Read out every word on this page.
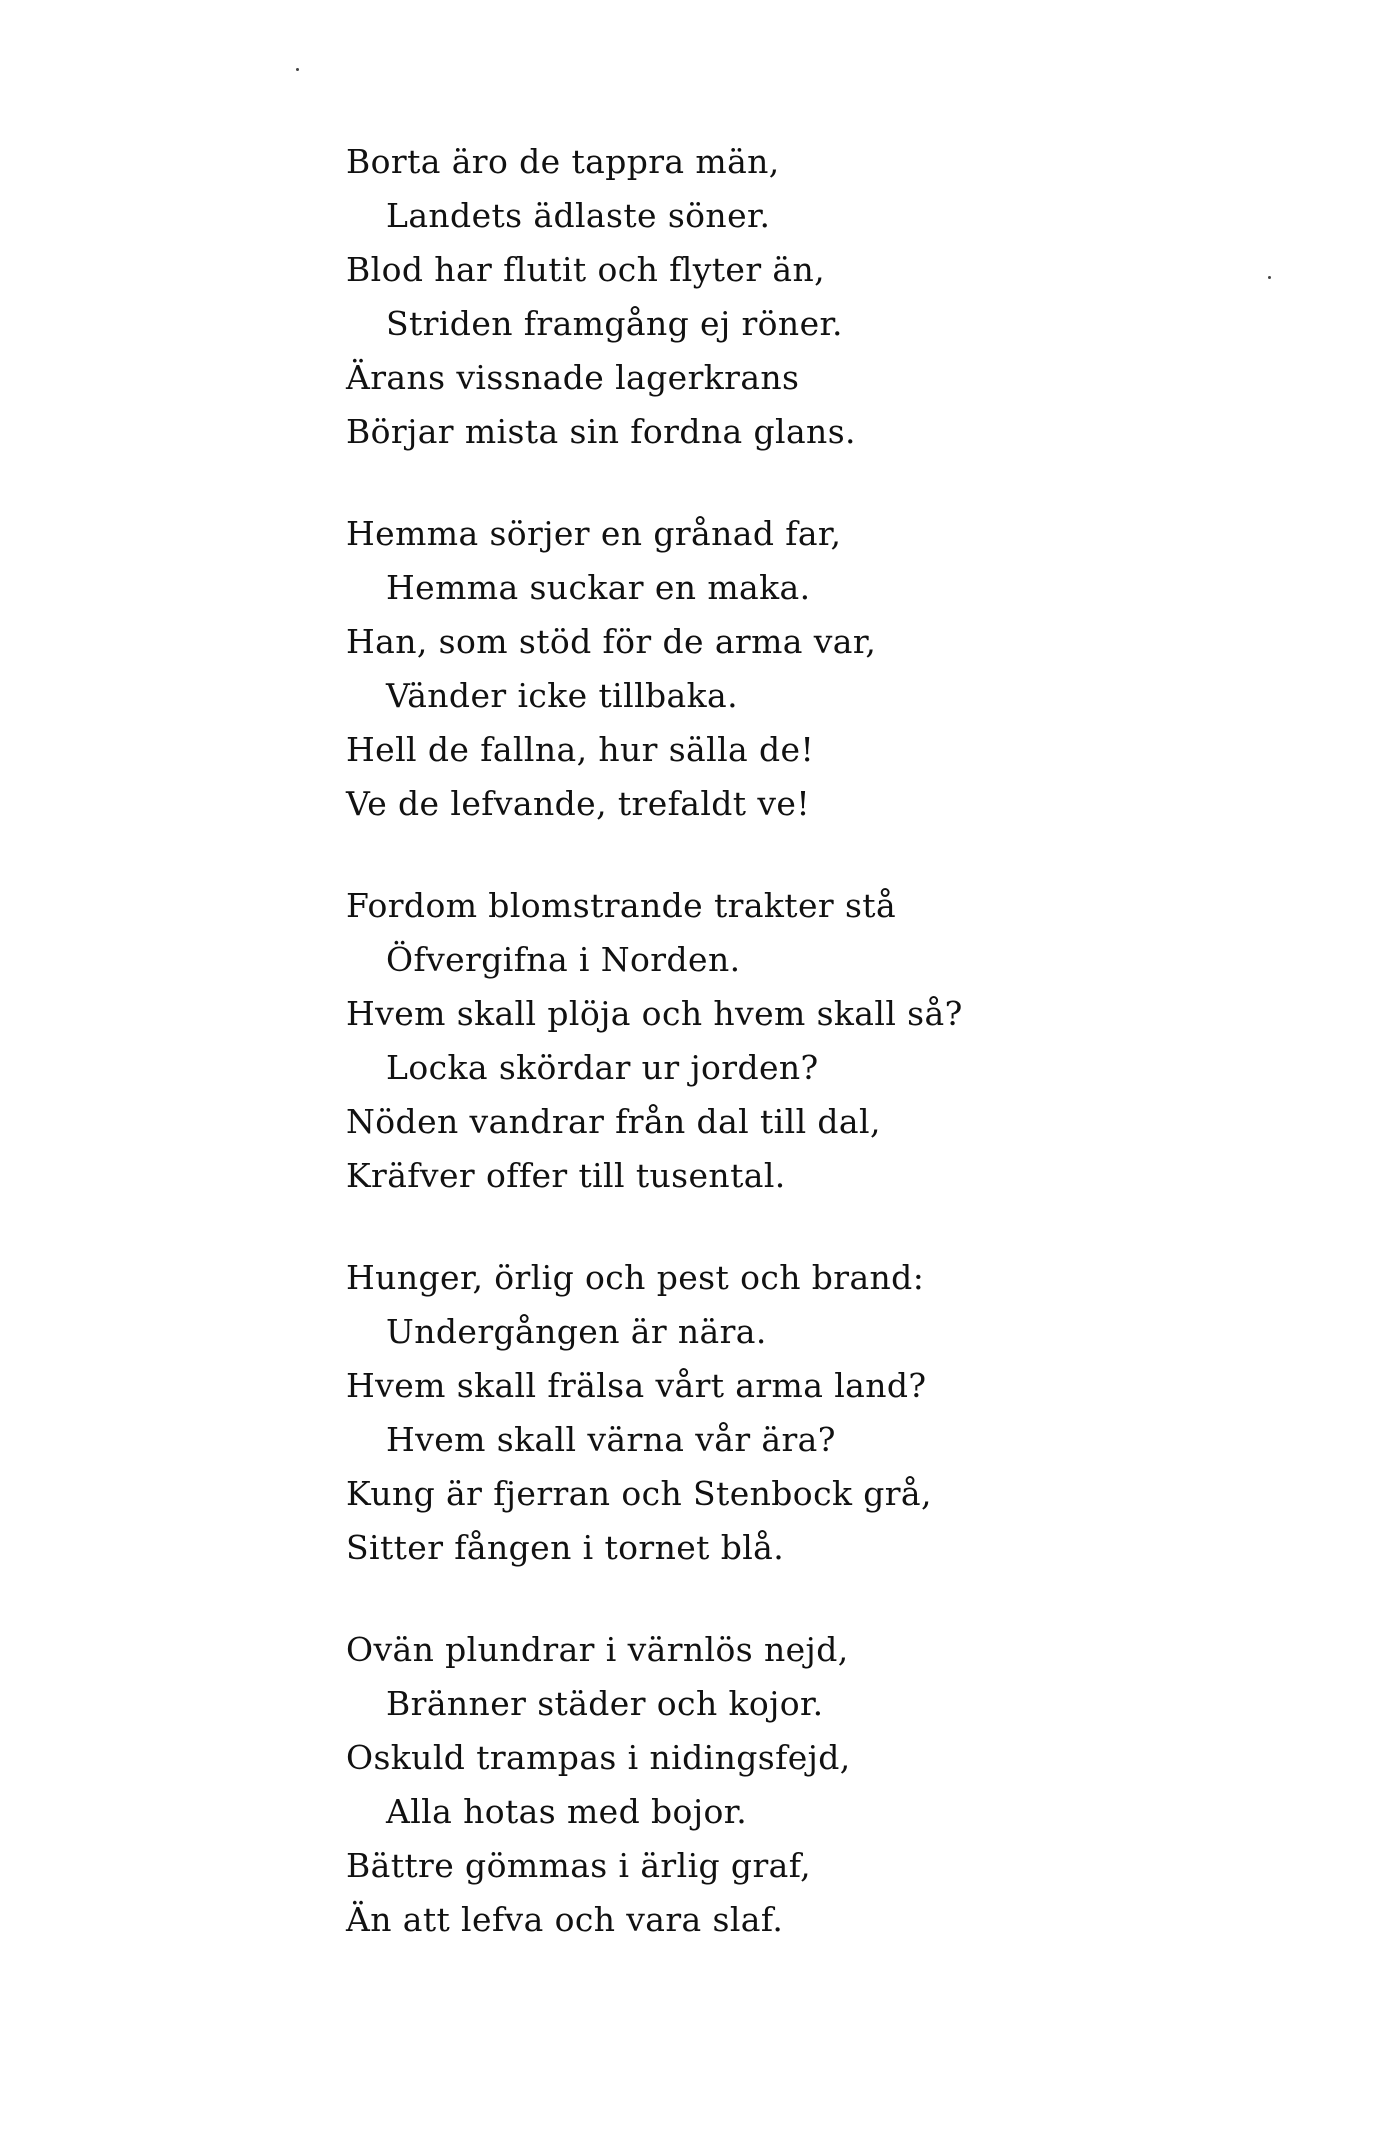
Borta äro de tappra män,
Landets ädlaste söner.
Blod har flutit och flyter än,
Striden framgång ej röner.
Ärans vissnade lagerkrans
Börjar mista sin fordna glans.
Hemma sörjer en grånad far,
Hemma suckar en maka.
Han, som stöd för de arma var,
Vänder icke tillbaka.
Hell de fallna, hur sälla de!
Ve de lefvande, trefaldt ve!
Fordom blomstrande trakter stå
Öfvergifna i Norden.
Hvem skall plöja och hvem skall så?
Locka skördar ur jorden?
Nöden vandrar från dal till dal,
Kräfver offer till tusental.
Hunger, örlig och pest och brand:
Undergången är nära.
Hvem skall frälsa vårt arma land?
Hvem skall värna vår ära?
Kung är fjerran och Stenbock grå,
Sitter fången i tornet blå.
Ovän plundrar i värnlös nejd,
Bränner städer och kojor.
Oskuld trampas i nidingsfejd,
Alla hotas med bojor.
Bättre gömmas i ärlig graf,
Än att lefva och vara slaf.
